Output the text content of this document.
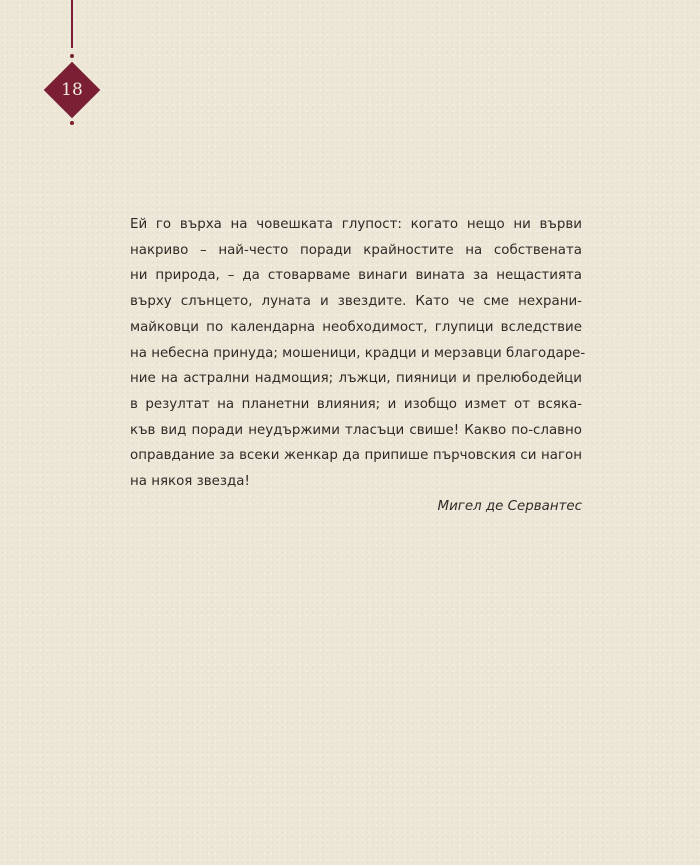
18

Ей го върха на човешката глупост: когато нещо ни върви
накриво – най-често поради крайностите на собствената
ни природа, – да стоварваме винаги вината за нещастията
върху слънцето, луната и звездите. Като че сме нехрани-
майковци по календарна необходимост, глупици вследствие
на небесна принуда; мошеници, крадци и мерзавци благодаре-
ние на астрални надмощия; лъжци, пияници и прелюбодейци
в резултат на планетни влияния; и изобщо измет от всяка-
къв вид поради неудържими тласъци свише! Какво по-славно
оправдание за всеки женкар да припише пърчовския си нагон
на някоя звезда!

Мигел де Сервантес
